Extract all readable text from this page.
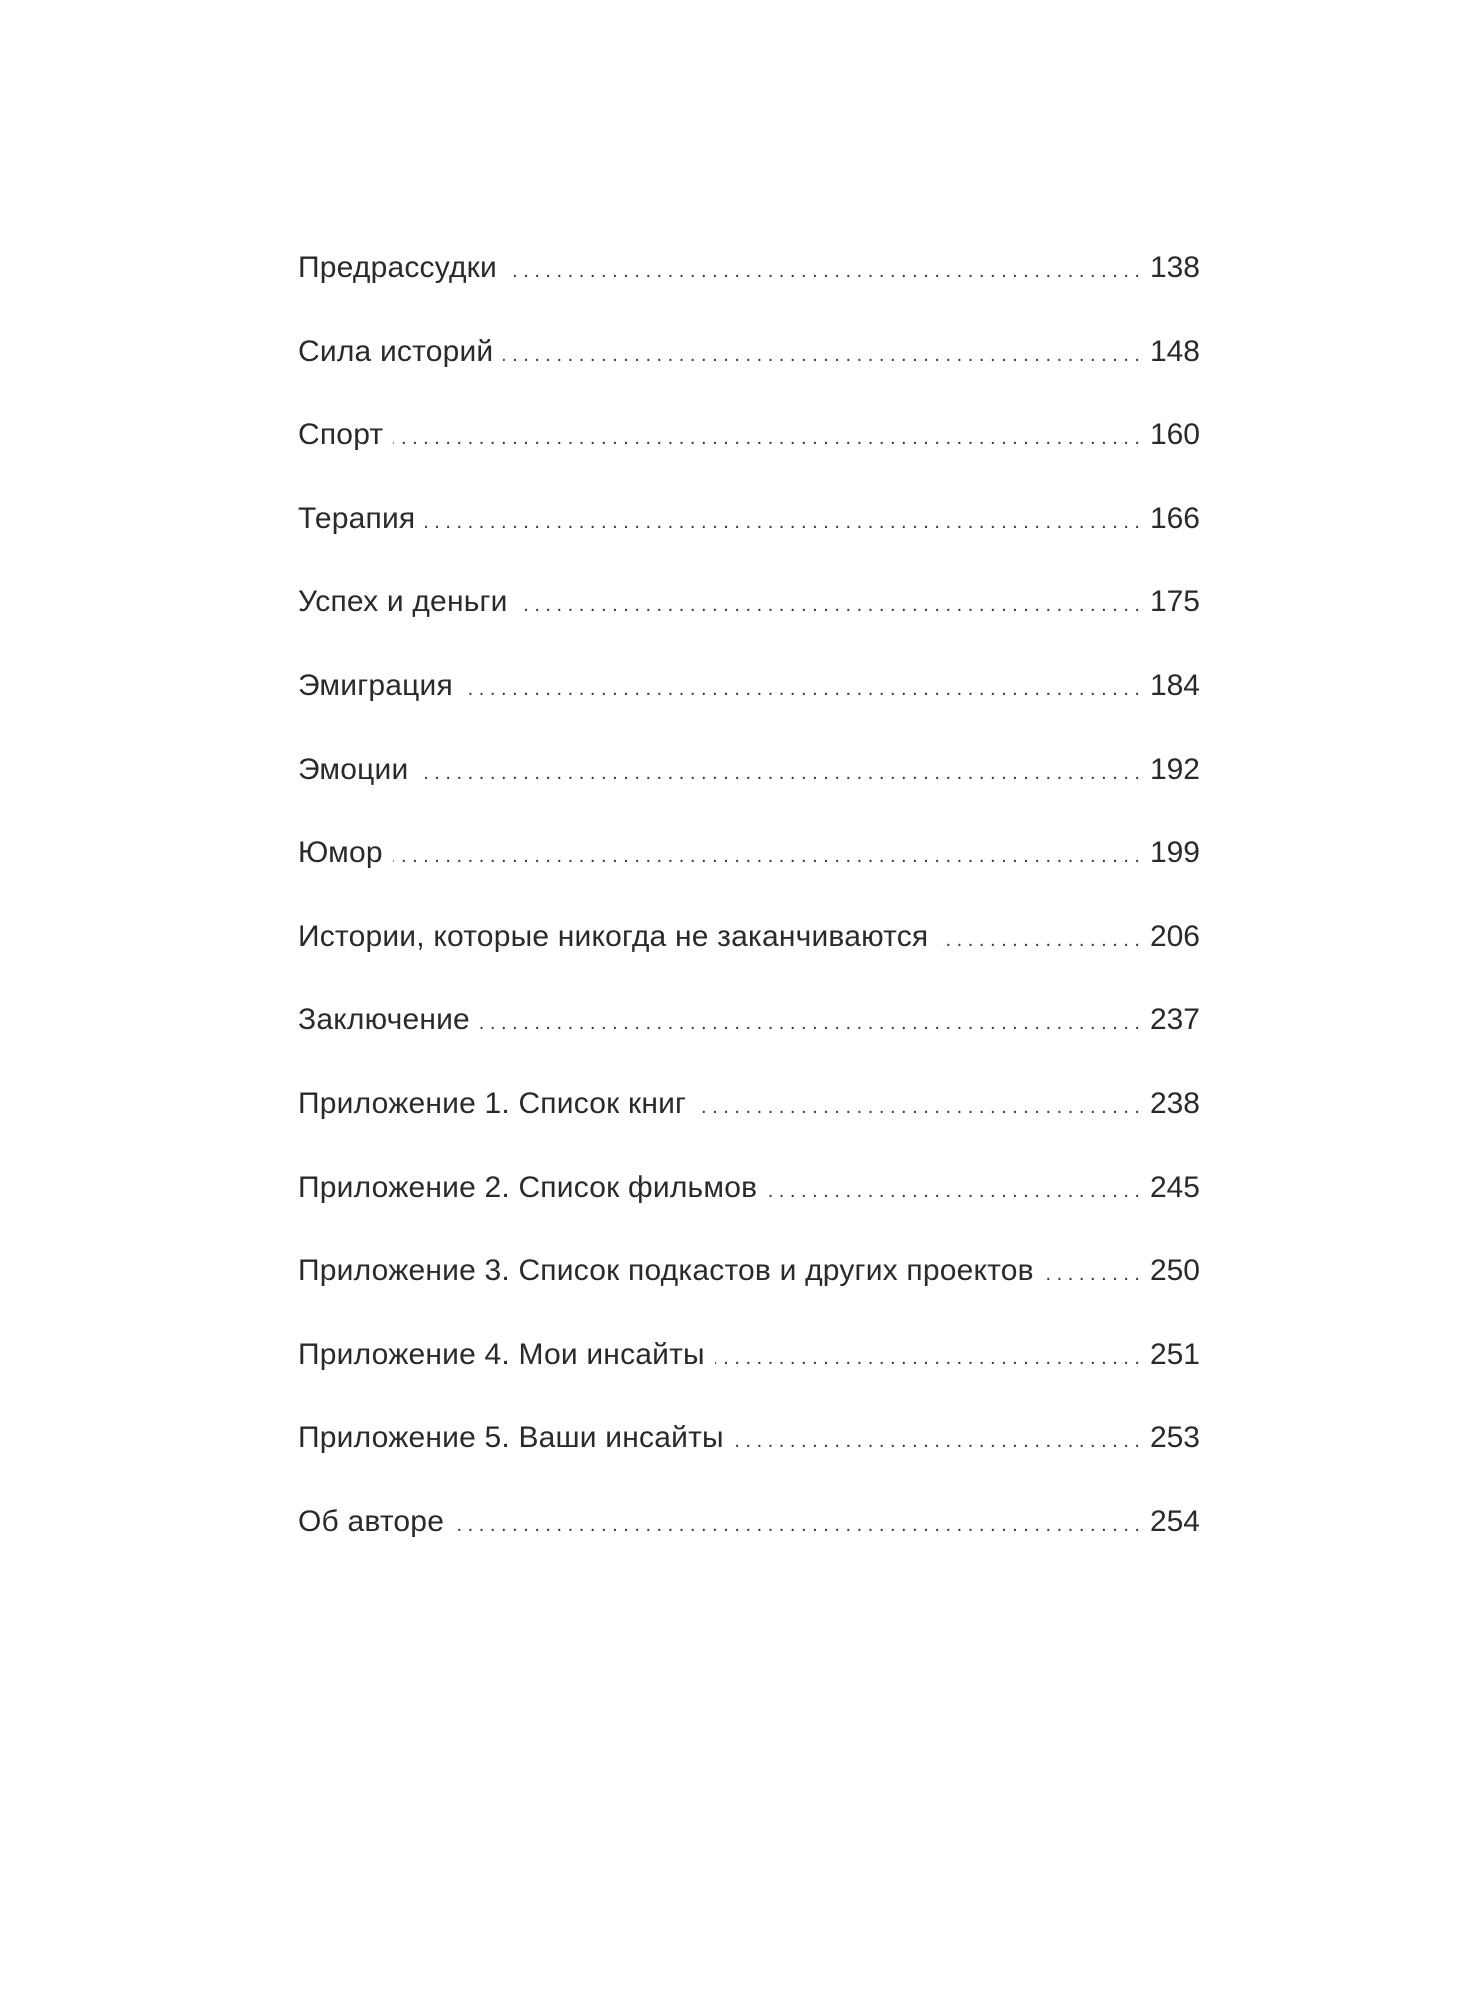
Предрассудки . . .	138
Сила историй . . .	148
Спорт . . .	160
Терапия . . .	166
Успех и деньги . . .	175
Эмиграция . . .	184
Эмоции . . .	192
Юмор . . .	199
Истории, которые никогда не заканчиваются . . .	206
Заключение . . .	237
Приложение 1. Список книг . . .	238
Приложение 2. Список фильмов . . .	245
Приложение 3. Список подкастов и других проектов . . .	250
Приложение 4. Мои инсайты . . .	251
Приложение 5. Ваши инсайты . . .	253
Об авторе . . .	254
